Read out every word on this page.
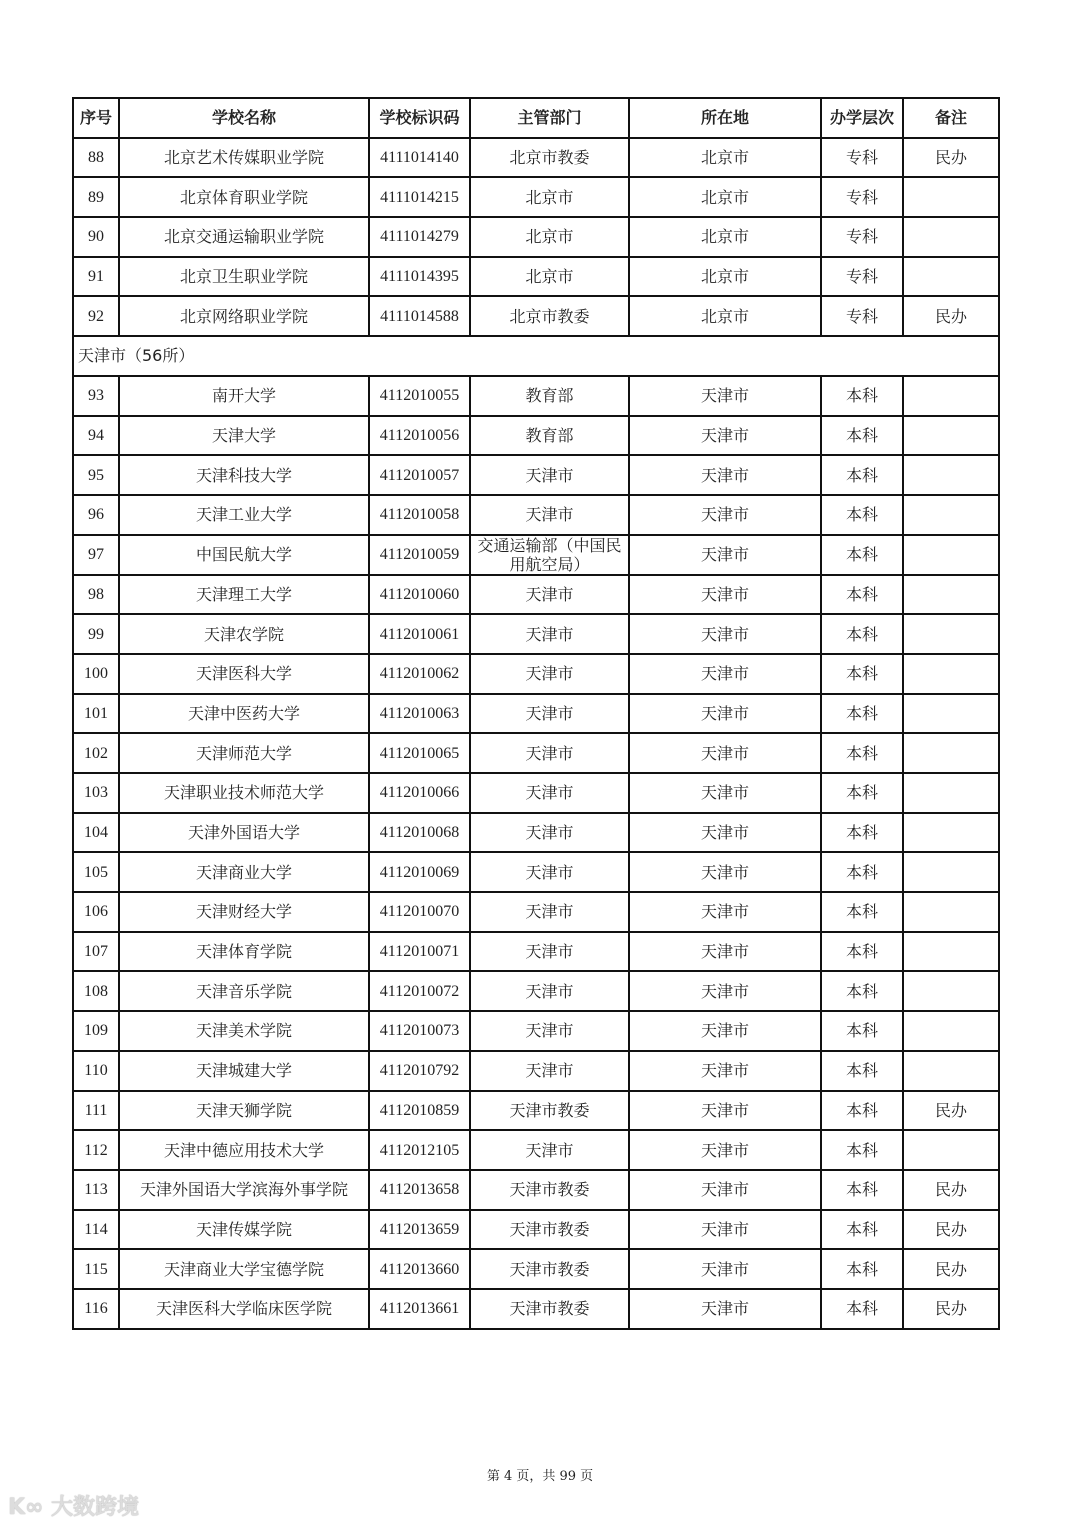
序号	学校名称	学校标识码	主管部门	所在地	办学层次	备注
88	北京艺术传媒职业学院	4111014140	北京市教委	北京市	专科	民办
89	北京体育职业学院	4111014215	北京市	北京市	专科	
90	北京交通运输职业学院	4111014279	北京市	北京市	专科	
91	北京卫生职业学院	4111014395	北京市	北京市	专科	
92	北京网络职业学院	4111014588	北京市教委	北京市	专科	民办
天津市（56所）						
93	南开大学	4112010055	教育部	天津市	本科	
94	天津大学	4112010056	教育部	天津市	本科	
95	天津科技大学	4112010057	天津市	天津市	本科	
96	天津工业大学	4112010058	天津市	天津市	本科	
97	中国民航大学	4112010059	交通运输部（中国民用航空局）	天津市	本科	
98	天津理工大学	4112010060	天津市	天津市	本科	
99	天津农学院	4112010061	天津市	天津市	本科	
100	天津医科大学	4112010062	天津市	天津市	本科	
101	天津中医药大学	4112010063	天津市	天津市	本科	
102	天津师范大学	4112010065	天津市	天津市	本科	
103	天津职业技术师范大学	4112010066	天津市	天津市	本科	
104	天津外国语大学	4112010068	天津市	天津市	本科	
105	天津商业大学	4112010069	天津市	天津市	本科	
106	天津财经大学	4112010070	天津市	天津市	本科	
107	天津体育学院	4112010071	天津市	天津市	本科	
108	天津音乐学院	4112010072	天津市	天津市	本科	
109	天津美术学院	4112010073	天津市	天津市	本科	
110	天津城建大学	4112010792	天津市	天津市	本科	
111	天津天狮学院	4112010859	天津市教委	天津市	本科	民办
112	天津中德应用技术大学	4112012105	天津市	天津市	本科	
113	天津外国语大学滨海外事学院	4112013658	天津市教委	天津市	本科	民办
114	天津传媒学院	4112013659	天津市教委	天津市	本科	民办
115	天津商业大学宝德学院	4112013660	天津市教委	天津市	本科	民办
116	天津医科大学临床医学院	4112013661	天津市教委	天津市	本科	民办
第 4 页，共 99 页
K∞ 大数跨境
